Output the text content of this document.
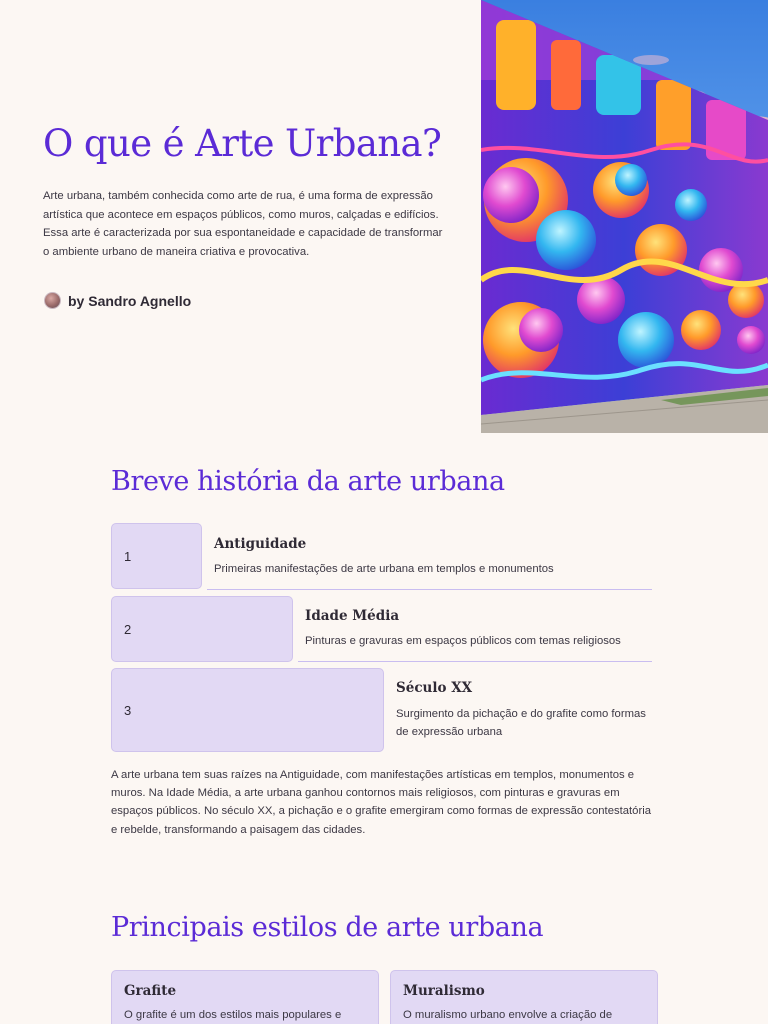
O que é Arte Urbana?

Arte urbana, também conhecida como arte de rua, é uma forma de expressão artística que acontece em espaços públicos, como muros, calçadas e edifícios. Essa arte é caracterizada por sua espontaneidade e capacidade de transformar o ambiente urbano de maneira criativa e provocativa.

by Sandro Agnello
Breve história da arte urbana
1
Antiguidade
Primeiras manifestações de arte urbana em templos e monumentos
2
Idade Média
Pinturas e gravuras em espaços públicos com temas religiosos
3
Século XX
Surgimento da pichação e do grafite como formas de expressão urbana

A arte urbana tem suas raízes na Antiguidade, com manifestações artísticas em templos, monumentos e muros. Na Idade Média, a arte urbana ganhou contornos mais religiosos, com pinturas e gravuras em espaços públicos. No século XX, a pichação e o grafite emergiram como formas de expressão contestatória e rebelde, transformando a paisagem das cidades.

Principais estilos de arte urbana
Grafite
O grafite é um dos estilos mais populares e
Muralismo
O muralismo urbano envolve a criação de
